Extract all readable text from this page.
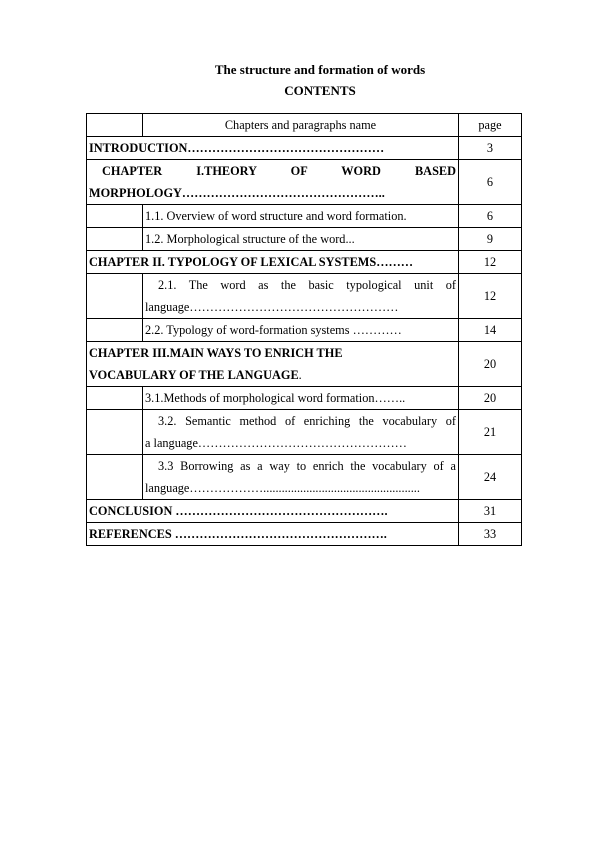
The structure and formation of words
CONTENTS
	Chapters and paragraphs name	page
INTRODUCTION…………………………………………		3

CHAPTER I.THEORY OF WORD BASED
MORPHOLOGY…………………………………………..		6
	1.1. Overview of word structure and word formation.	6
	1.2. Morphological structure of the word...	9
CHAPTER II. TYPOLOGY OF LEXICAL SYSTEMS………		12

	2.1. The word as the basic typological unit of
language……………………………………………	12
	2.2. Typology of word-formation systems …………	14

CHAPTER III.MAIN WAYS TO ENRICH THE
VOCABULARY OF THE LANGUAGE.		20
	3.1.Methods of morphological word formation……..	20

	3.2. Semantic method of enriching the vocabulary of
a language……………………………………………	21

	3.3 Borrowing as a way to enrich the vocabulary of a
language………………...................................................	24
CONCLUSION …………………………………………….		31
REFERENCES …………………………………………….		33
